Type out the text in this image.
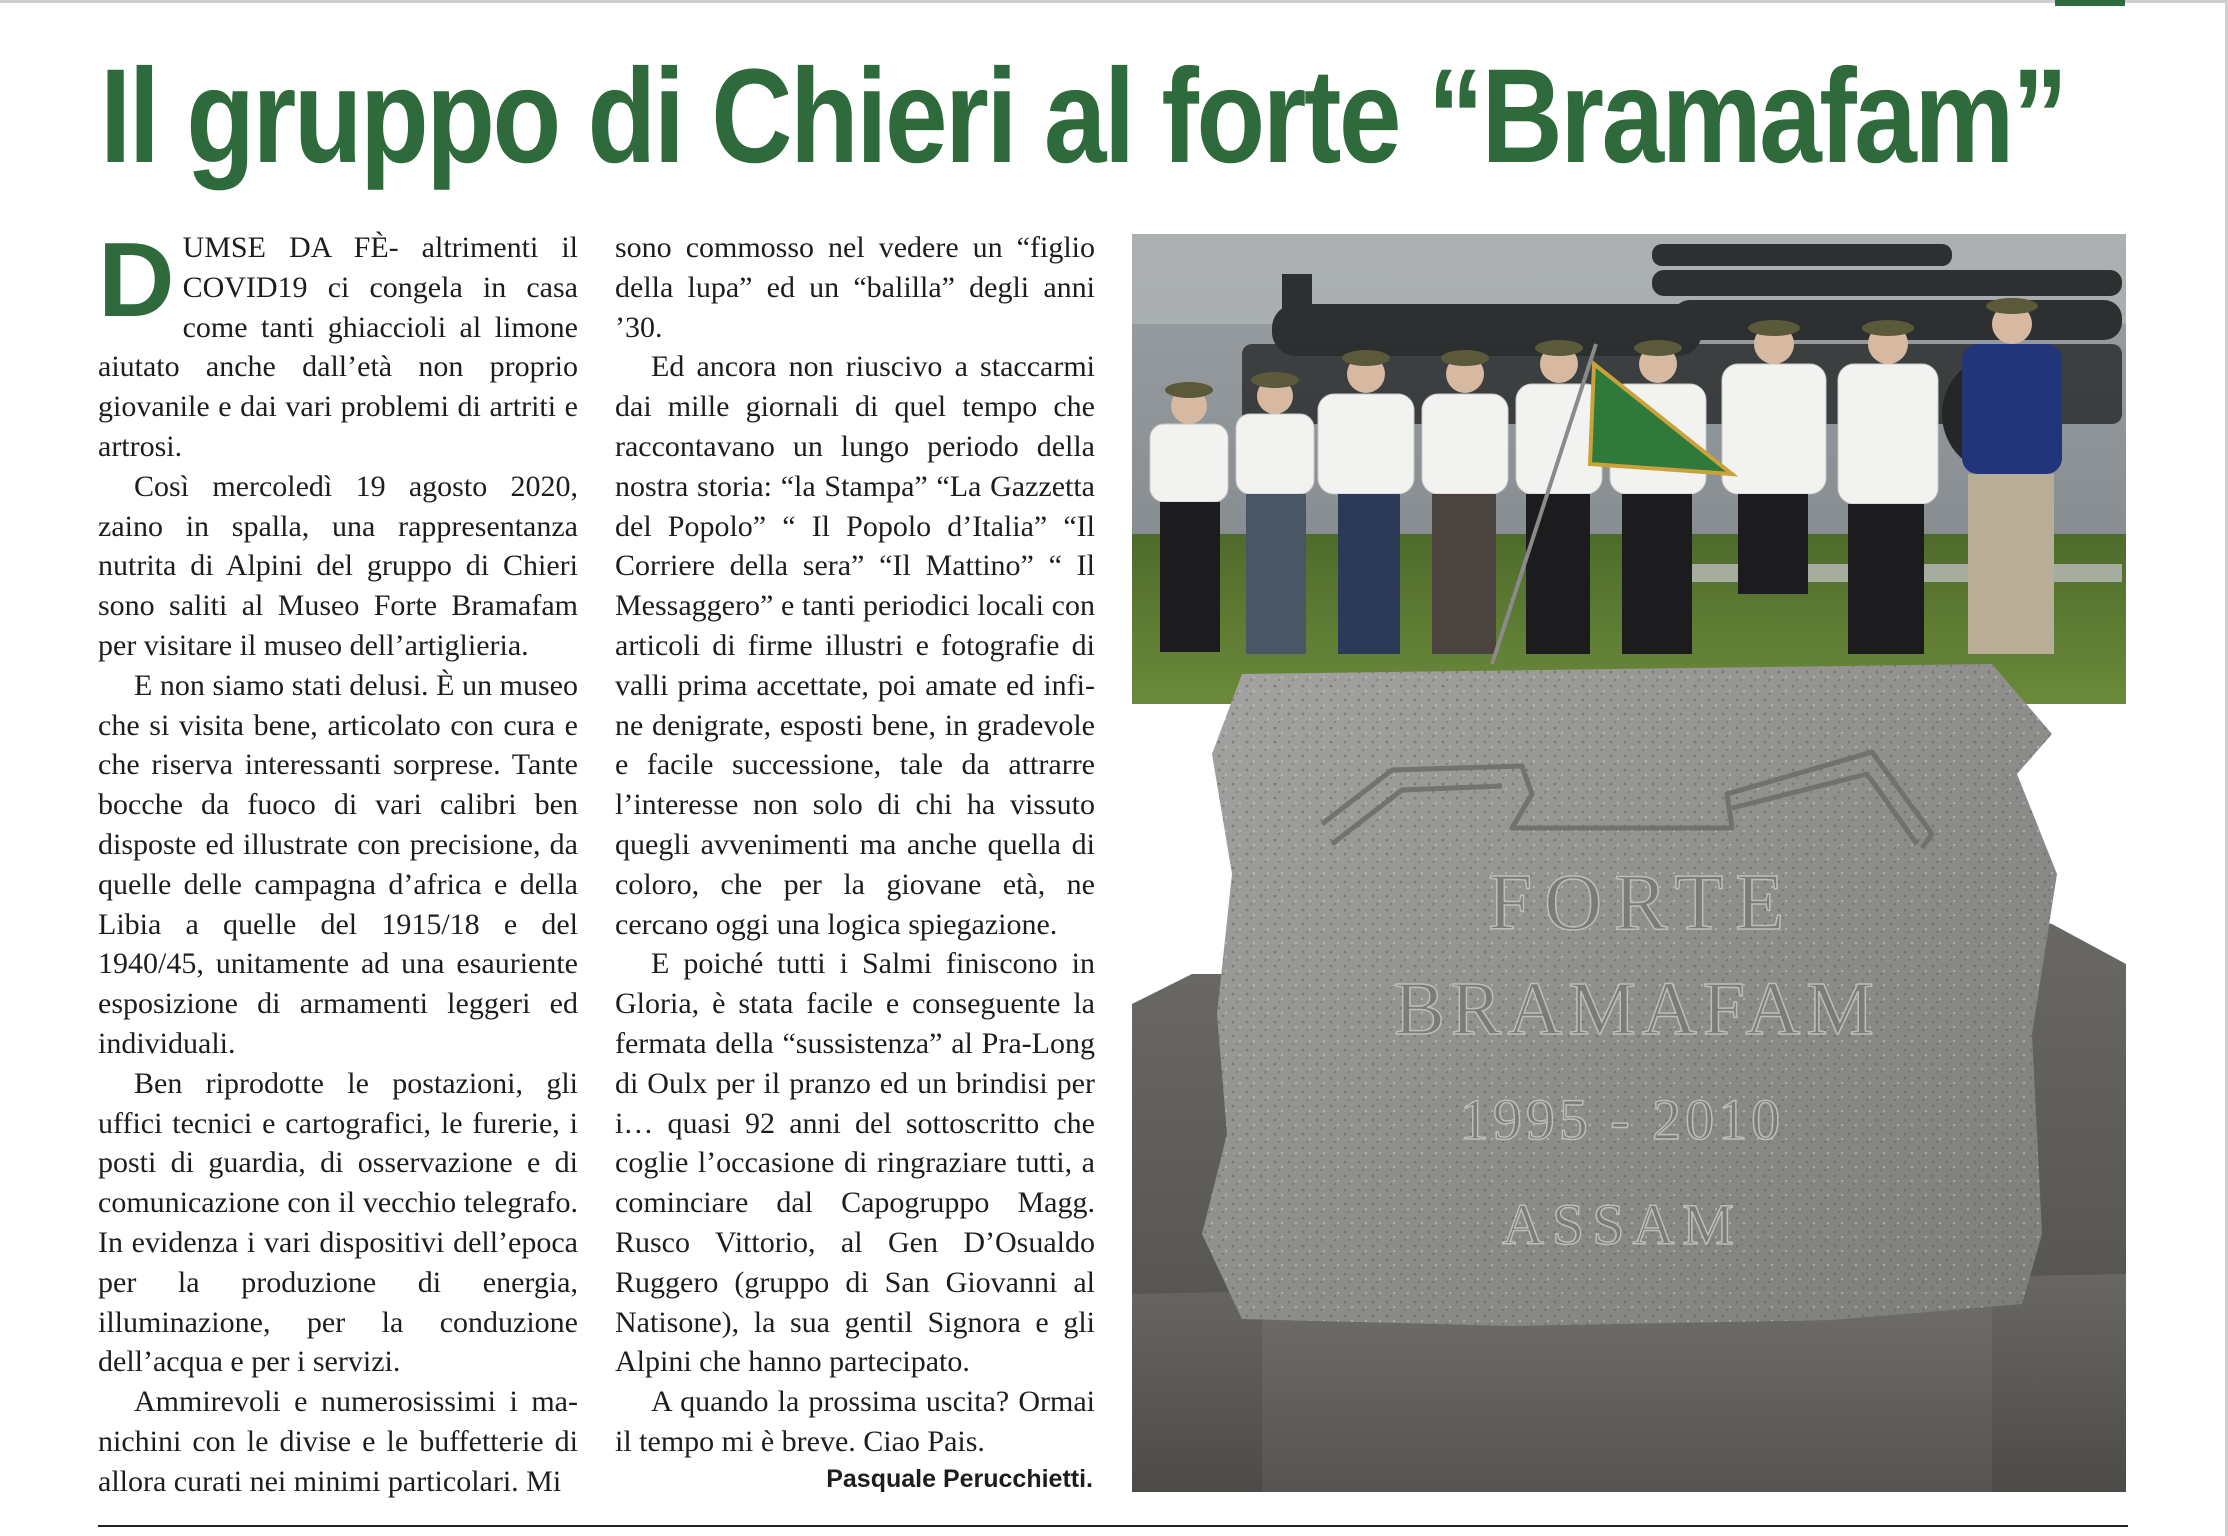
Il gruppo di Chieri al forte “Bramafam”
D UMSE DA FÈ- altrimenti il COVID19 ci congela in casa come tanti ghiaccioli al limone aiutato anche dall’età non proprio giovanile e dai vari problemi di artriti e artrosi.

Così mercoledì 19 agosto 2020, zaino in spalla, una rappresentanza nutrita di Alpini del gruppo di Chieri sono saliti al Museo Forte Bramafam per visitare il museo dell’artiglieria.

E non siamo stati delusi. È un museo che si visita bene, articolato con cura e che riserva interessanti sorprese. Tante bocche da fuoco di vari calibri ben disposte ed illustrate con precisione, da quelle delle campagna d’africa e della Libia a quelle del 1915/18 e del 1940/45, unitamente ad una esauriente esposizione di armamenti leggeri ed individuali.

Ben riprodotte le postazioni, gli uffici tecnici e cartografici, le furerie, i posti di guardia, di osservazione e di comunicazione con il vecchio telegrafo. In evidenza i vari dispositivi dell’epoca per la produzione di energia, illuminazione, per la conduzione dell’acqua e per i servizi.

Ammirevoli e numerosissimi i manichini con le divise e le buffetterie di allora curati nei minimi particolari. Mi

sono commosso nel vedere un “figlio della lupa” ed un “balilla” degli anni ’30.

Ed ancora non riuscivo a staccarmi dai mille giornali di quel tempo che raccontavano un lungo periodo della nostra storia: “la Stampa” “La Gazzetta del Popolo” “ Il Popolo d’Italia” “Il Corriere della sera” “Il Mattino” “ Il Messaggero” e tanti periodici locali con articoli di firme illustri e fotografie di valli prima accettate, poi amate ed infine denigrate, esposti bene, in gradevole e facile successione, tale da attrarre l’interesse non solo di chi ha vissuto quegli avvenimenti ma anche quella di coloro, che per la giovane età, ne cercano oggi una logica spiegazione.

E poiché tutti i Salmi finiscono in Gloria, è stata facile e conseguente la fermata della “sussistenza” al Pra-Long di Oulx per il pranzo ed un brindisi per i… quasi 92 anni del sottoscritto che coglie l’occasione di ringraziare tutti, a cominciare dal Capogruppo Magg. Rusco Vittorio, al Gen D’Osualdo Ruggero (gruppo di San Giovanni al Natisone), la sua gentil Signora e gli Alpini che hanno partecipato.

A quando la prossima uscita? Ormai il tempo mi è breve. Ciao Pais.

Pasquale Perucchietti.
FORTE
BRAMAFAM
1995 - 2010
ASSAM
